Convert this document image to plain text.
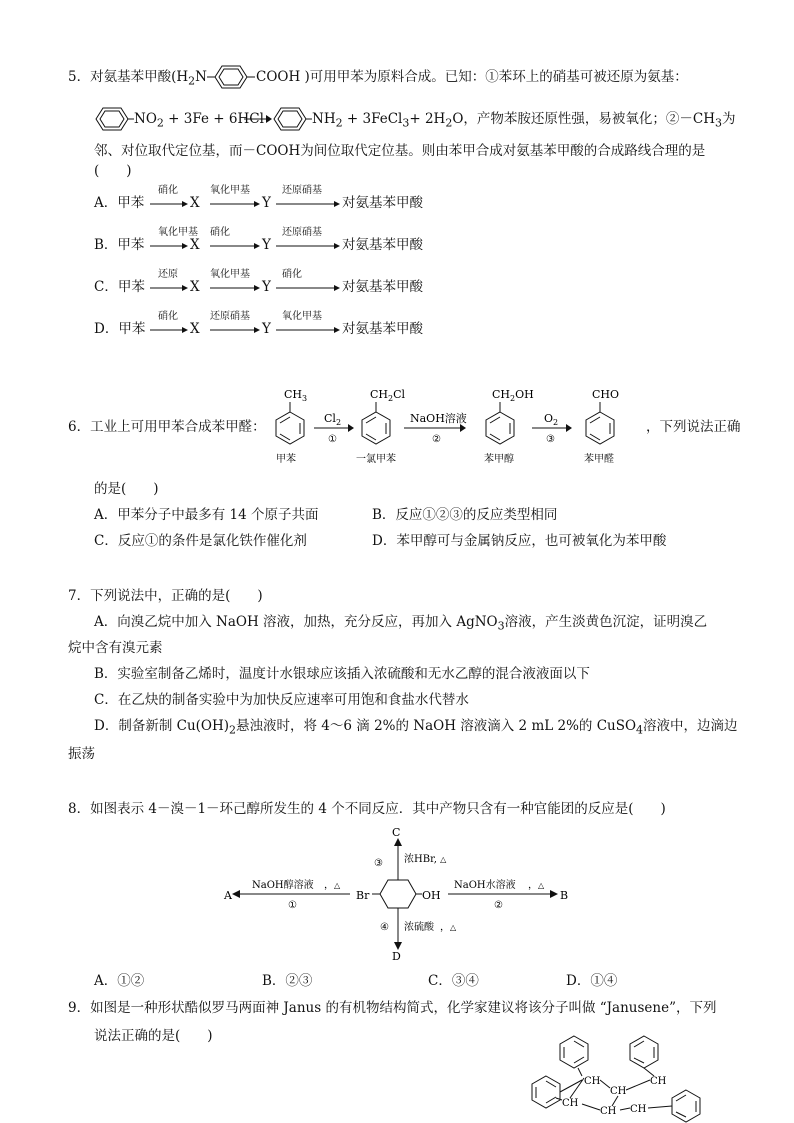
5．对氨基苯甲酸($H_2N$	COOH )可用甲苯为原料合成。已知：①苯环上的硝基可被还原为氨基：
$NO_2 + 3Fe + 6HCl$	$NH_2$ + 3FeCl$_3$+ $2H_2O$，产物苯胺还原性强，易被氧化；$②-CH_3$为
邻、对位取代定位基，而－COOH为间位取代定位基。则由苯甲合成对氨基苯甲酸的合成路线合理的是
(　　)
A．甲苯
硝化
X
氧化甲基
Y
还原硝基
对氨基苯甲酸
B．甲苯
氧化甲基
X
硝化
Y
还原硝基
对氨基苯甲酸
C．甲苯
还原
X
氧化甲基
Y
硝化
对氨基苯甲酸
D．甲苯
硝化
X
还原硝基
Y
氧化甲基
对氨基苯甲酸
6．工业上可用甲苯合成苯甲醛：
$CH_3$
$Cl_2$
①
$CH_2Cl$
NaOH溶液
②
$CH_2OH$
$O_2$
③
CHO
甲苯	一氯甲苯	苯甲醇	苯甲醛
，下列说法正确
的是(　　)
A．甲苯分子中最多有 14 个原子共面	B．反应①②③的反应类型相同
C．反应①的条件是氯化铁作催化剂	D．苯甲醇可与金属钠反应，也可被氧化为苯甲酸
7．下列说法中，正确的是(　　)
A．向溴乙烷中加入 NaOH 溶液，加热，充分反应，再加入 AgNO$_3$溶液，产生淡黄色沉淀，证明溴乙
烷中含有溴元素
B．实验室制备乙烯时，温度计水银球应该插入浓硫酸和无水乙醇的混合液液面以下
C．在乙炔的制备实验中为加快反应速率可用饱和食盐水代替水
D．制备新制 $Cu(OH)_2$悬浊液时，将 4～6 滴 2%的 NaOH 溶液滴入 2 mL 2%的 CuSO$_4$溶液中，边滴边
振荡
8．如图表示 4－溴－1－环己醇所发生的 4 个不同反应．其中产物只含有一种官能团的反应是(　　)
C
③ 浓HBr, △
A
NaOH醇溶液 ，△
①
Br	OH
NaOH水溶液 ，△
②
B
④ 浓硫酸 ，△
D
A．①②	B．②③	C．③④	D．①④
9．如图是一种形状酷似罗马两面神 Janus 的有机物结构简式，化学家建议将该分子叫做 “Janusene”，下列
说法正确的是(　　)
CH
CH
CH
CH CH
CH
